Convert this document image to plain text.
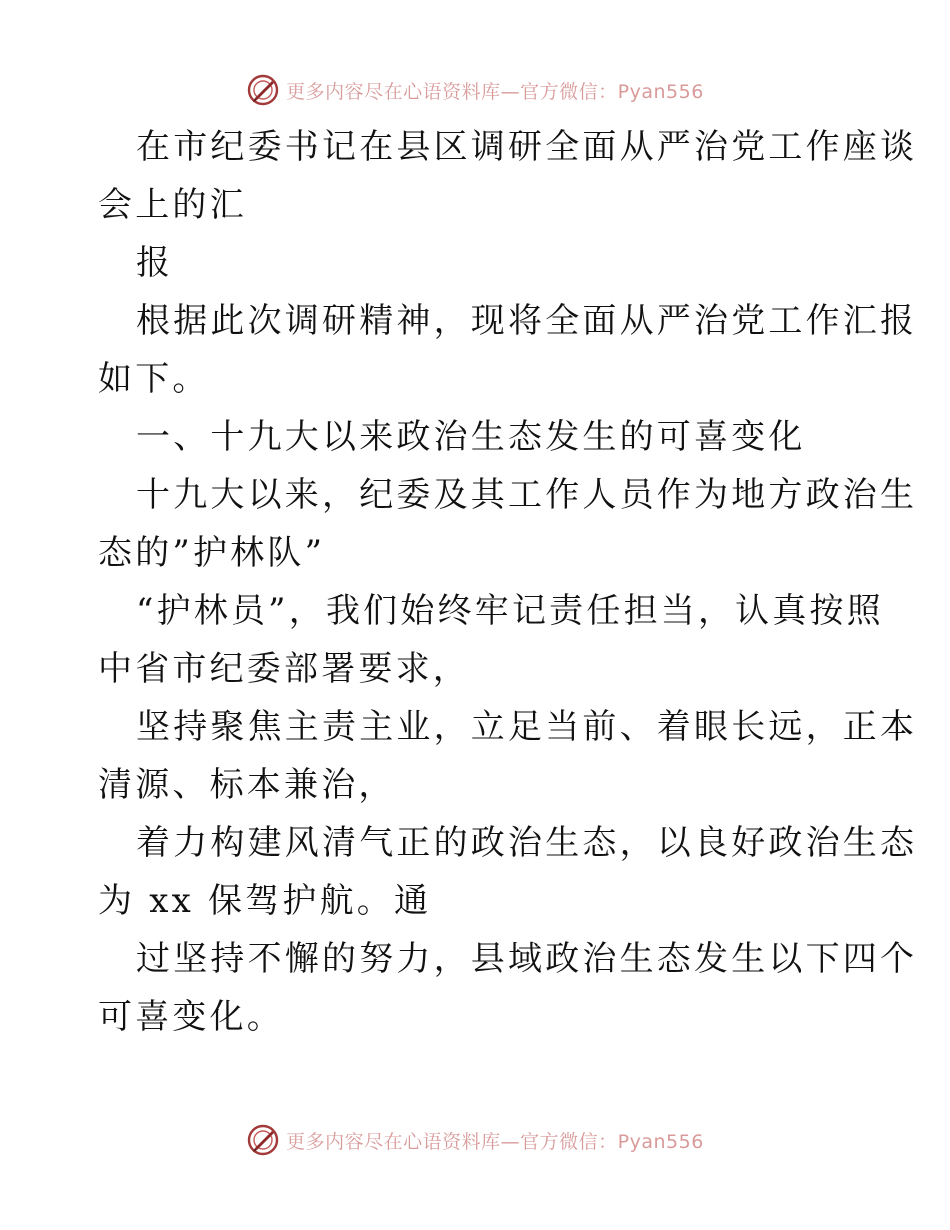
更多内容尽在心语资料库—官方微信：Pyan556
在市纪委书记在县区调研全面从严治党工作座谈
会上的汇
报
根据此次调研精神，现将全面从严治党工作汇报
如下。
一、十九大以来政治生态发生的可喜变化
十九大以来，纪委及其工作人员作为地方政治生
态的”护林队”
“护林员”，我们始终牢记责任担当，认真按照
中省市纪委部署要求，
坚持聚焦主责主业，立足当前、着眼长远，正本
清源、标本兼治，
着力构建风清气正的政治生态，以良好政治生态
为 xx 保驾护航。通
过坚持不懈的努力，县域政治生态发生以下四个
可喜变化。
更多内容尽在心语资料库—官方微信：Pyan556
